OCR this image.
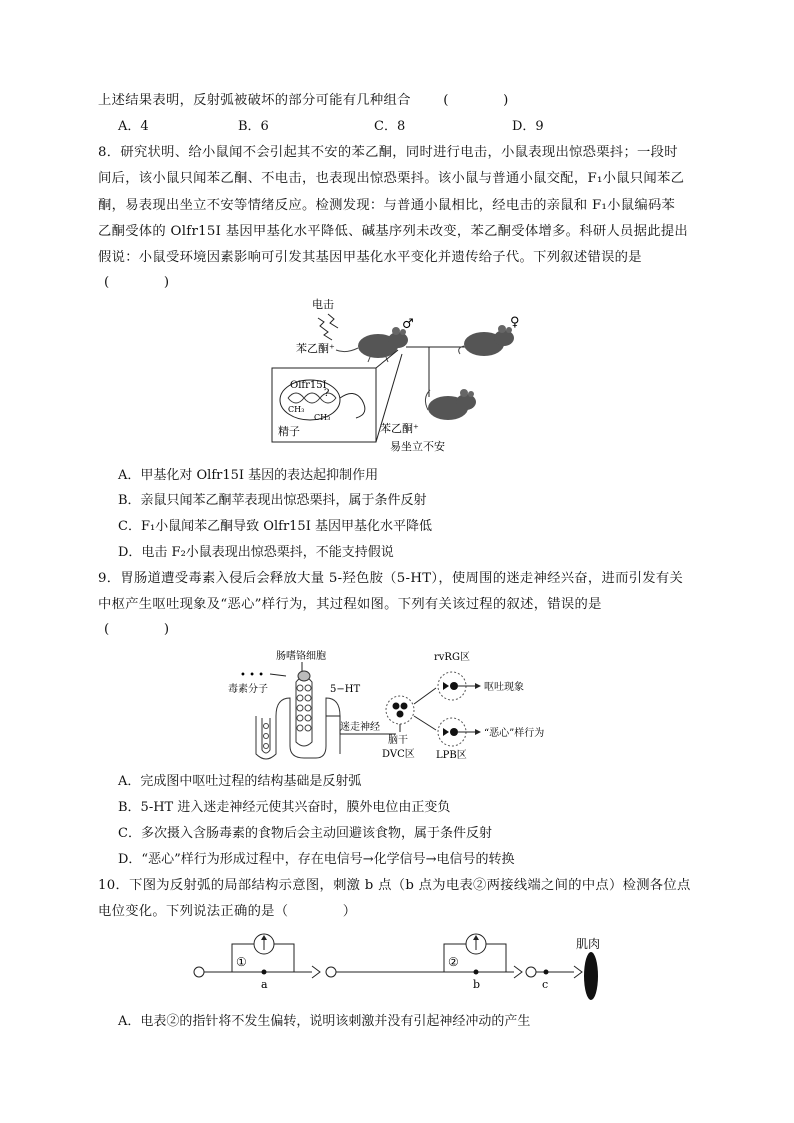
上述结果表明，反射弧被破坏的部分可能有几种组合 (　　　　)
A．4	B．6	C．8	D．9
8．研究状明、给小鼠闻不会引起其不安的苯乙酮，同时进行电击，小鼠表现出惊恐栗抖；一段时
间后，该小鼠只闻苯乙酮、不电击，也表现出惊恐栗抖。该小鼠与普通小鼠交配，F₁小鼠只闻苯乙
酮，易表现出坐立不安等情绪反应。检测发现：与普通小鼠相比，经电击的亲鼠和 F₁小鼠编码苯
乙酮受体的 Olfr15I 基因甲基化水平降低、碱基序列未改变，苯乙酮受体增多。科研人员据此提出
假说：小鼠受环境因素影响可引发其基因甲基化水平变化并遗传给子代。下列叙述错误的是
(　　　　)
电击
苯乙酮⁺
♂	♀
苯乙酮⁺
易坐立不安
Olfr15I
CH₃
CH₃
?
精子
A．甲基化对 Olfr15I 基因的表达起抑制作用
B．亲鼠只闻苯乙酮苹表现出惊恐栗抖，属于条件反射
C．F₁小鼠闻苯乙酮导致 Olfr15I 基因甲基化水平降低
D．电击 F₂小鼠表现出惊恐栗抖，不能支持假说
9．胃肠道遭受毒素入侵后会释放大量 5-羟色胺（5-HT），使周围的迷走神经兴奋，进而引发有关
中枢产生呕吐现象及“恶心”样行为，其过程如图。下列有关该过程的叙述，错误的是
(　　　　)
肠嗜铬细胞
毒素分子
• • •
5−HT
迷走神经
脑干
DVC区
rvRG区
呕吐现象
“恶心”样行为
LPB区
A．完成图中呕吐过程的结构基础是反射弧
B．5-HT 进入迷走神经元使其兴奋时，膜外电位由正变负
C．多次摄入含肠毒素的食物后会主动回避该食物，属于条件反射
D．“恶心”样行为形成过程中，存在电信号→化学信号→电信号的转换
10．下图为反射弧的局部结构示意图，刺激 b 点（b 点为电表②两接线端之间的中点）检测各位点
电位变化。下列说法正确的是（　　　　）
①
a
②
b	c
肌肉
A．电表②的指针将不发生偏转，说明该刺激并没有引起神经冲动的产生
